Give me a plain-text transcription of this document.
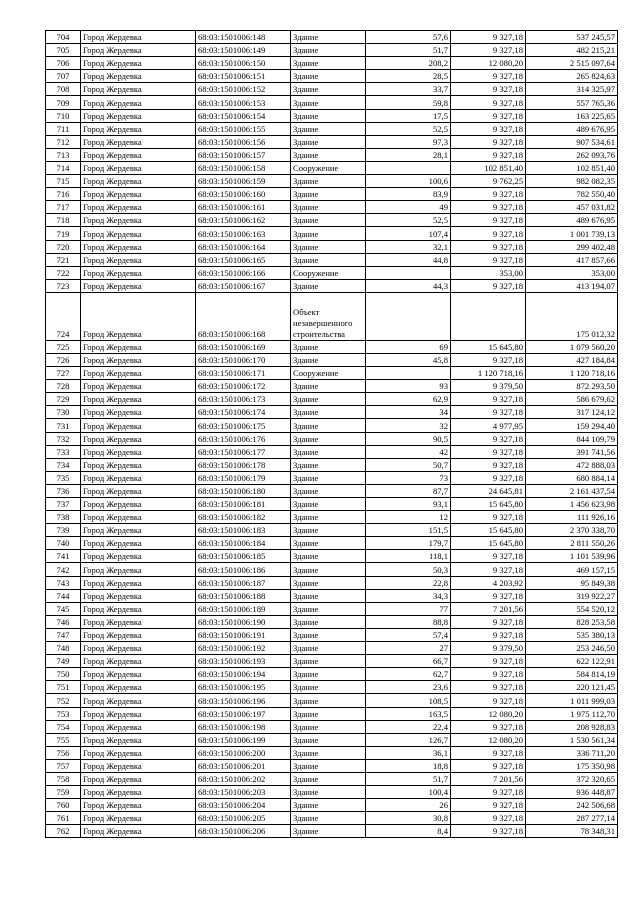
704	Город Жердевка	68:03:1501006:148	Здание	57,6	9 327,18	537 245,57
705	Город Жердевка	68:03:1501006:149	Здание	51,7	9 327,18	482 215,21
706	Город Жердевка	68:03:1501006:150	Здание	208,2	12 080,20	2 515 097,64
707	Город Жердевка	68:03:1501006:151	Здание	28,5	9 327,18	265 824,63
708	Город Жердевка	68:03:1501006:152	Здание	33,7	9 327,18	314 325,97
709	Город Жердевка	68:03:1501006:153	Здание	59,8	9 327,18	557 765,36
710	Город Жердевка	68:03:1501006:154	Здание	17,5	9 327,18	163 225,65
711	Город Жердевка	68:03:1501006:155	Здание	52,5	9 327,18	489 676,95
712	Город Жердевка	68:03:1501006:156	Здание	97,3	9 327,18	907 534,61
713	Город Жердевка	68:03:1501006:157	Здание	28,1	9 327,18	262 093,76
714	Город Жердевка	68:03:1501006:158	Сооружение		102 851,40	102 851,40
715	Город Жердевка	68:03:1501006:159	Здание	100,6	9 762,25	982 082,35
716	Город Жердевка	68:03:1501006:160	Здание	83,9	9 327,18	782 550,40
717	Город Жердевка	68:03:1501006:161	Здание	49	9 327,18	457 031,82
718	Город Жердевка	68:03:1501006:162	Здание	52,5	9 327,18	489 676,95
719	Город Жердевка	68:03:1501006:163	Здание	107,4	9 327,18	1 001 739,13
720	Город Жердевка	68:03:1501006:164	Здание	32,1	9 327,18	299 402,48
721	Город Жердевка	68:03:1501006:165	Здание	44,8	9 327,18	417 857,66
722	Город Жердевка	68:03:1501006:166	Сооружение		353,00	353,00
723	Город Жердевка	68:03:1501006:167	Здание	44,3	9 327,18	413 194,07
724	Город Жердевка	68:03:1501006:168	Объект незавершенного строительства			175 012,32
725	Город Жердевка	68:03:1501006:169	Здание	69	15 645,80	1 079 560,20
726	Город Жердевка	68:03:1501006:170	Здание	45,8	9 327,18	427 184,84
727	Город Жердевка	68:03:1501006:171	Сооружение		1 120 718,16	1 120 718,16
728	Город Жердевка	68:03:1501006:172	Здание	93	9 379,50	872 293,50
729	Город Жердевка	68:03:1501006:173	Здание	62,9	9 327,18	586 679,62
730	Город Жердевка	68:03:1501006:174	Здание	34	9 327,18	317 124,12
731	Город Жердевка	68:03:1501006:175	Здание	32	4 977,95	159 294,40
732	Город Жердевка	68:03:1501006:176	Здание	90,5	9 327,18	844 109,79
733	Город Жердевка	68:03:1501006:177	Здание	42	9 327,18	391 741,56
734	Город Жердевка	68:03:1501006:178	Здание	50,7	9 327,18	472 888,03
735	Город Жердевка	68:03:1501006:179	Здание	73	9 327,18	680 884,14
736	Город Жердевка	68:03:1501006:180	Здание	87,7	24 645,81	2 161 437,54
737	Город Жердевка	68:03:1501006:181	Здание	93,1	15 645,80	1 456 623,98
738	Город Жердевка	68:03:1501006:182	Здание	12	9 327,18	111 926,16
739	Город Жердевка	68:03:1501006:183	Здание	151,5	15 645,80	2 370 338,70
740	Город Жердевка	68:03:1501006:184	Здание	179,7	15 645,80	2 811 550,26
741	Город Жердевка	68:03:1501006:185	Здание	118,1	9 327,18	1 101 539,96
742	Город Жердевка	68:03:1501006:186	Здание	50,3	9 327,18	469 157,15
743	Город Жердевка	68:03:1501006:187	Здание	22,8	4 203,92	95 849,38
744	Город Жердевка	68:03:1501006:188	Здание	34,3	9 327,18	319 922,27
745	Город Жердевка	68:03:1501006:189	Здание	77	7 201,56	554 520,12
746	Город Жердевка	68:03:1501006:190	Здание	88,8	9 327,18	828 253,58
747	Город Жердевка	68:03:1501006:191	Здание	57,4	9 327,18	535 380,13
748	Город Жердевка	68:03:1501006:192	Здание	27	9 379,50	253 246,50
749	Город Жердевка	68:03:1501006:193	Здание	66,7	9 327,18	622 122,91
750	Город Жердевка	68:03:1501006:194	Здание	62,7	9 327,18	584 814,19
751	Город Жердевка	68:03:1501006:195	Здание	23,6	9 327,18	220 121,45
752	Город Жердевка	68:03:1501006:196	Здание	108,5	9 327,18	1 011 999,03
753	Город Жердевка	68:03:1501006:197	Здание	163,5	12 080,20	1 975 112,70
754	Город Жердевка	68:03:1501006:198	Здание	22,4	9 327,18	208 928,83
755	Город Жердевка	68:03:1501006:199	Здание	126,7	12 080,20	1 530 561,34
756	Город Жердевка	68:03:1501006:200	Здание	36,1	9 327,18	336 711,20
757	Город Жердевка	68:03:1501006:201	Здание	18,8	9 327,18	175 350,98
758	Город Жердевка	68:03:1501006:202	Здание	51,7	7 201,56	372 320,65
759	Город Жердевка	68:03:1501006:203	Здание	100,4	9 327,18	936 448,87
760	Город Жердевка	68:03:1501006:204	Здание	26	9 327,18	242 506,68
761	Город Жердевка	68:03:1501006:205	Здание	30,8	9 327,18	287 277,14
762	Город Жердевка	68:03:1501006:206	Здание	8,4	9 327,18	78 348,31
